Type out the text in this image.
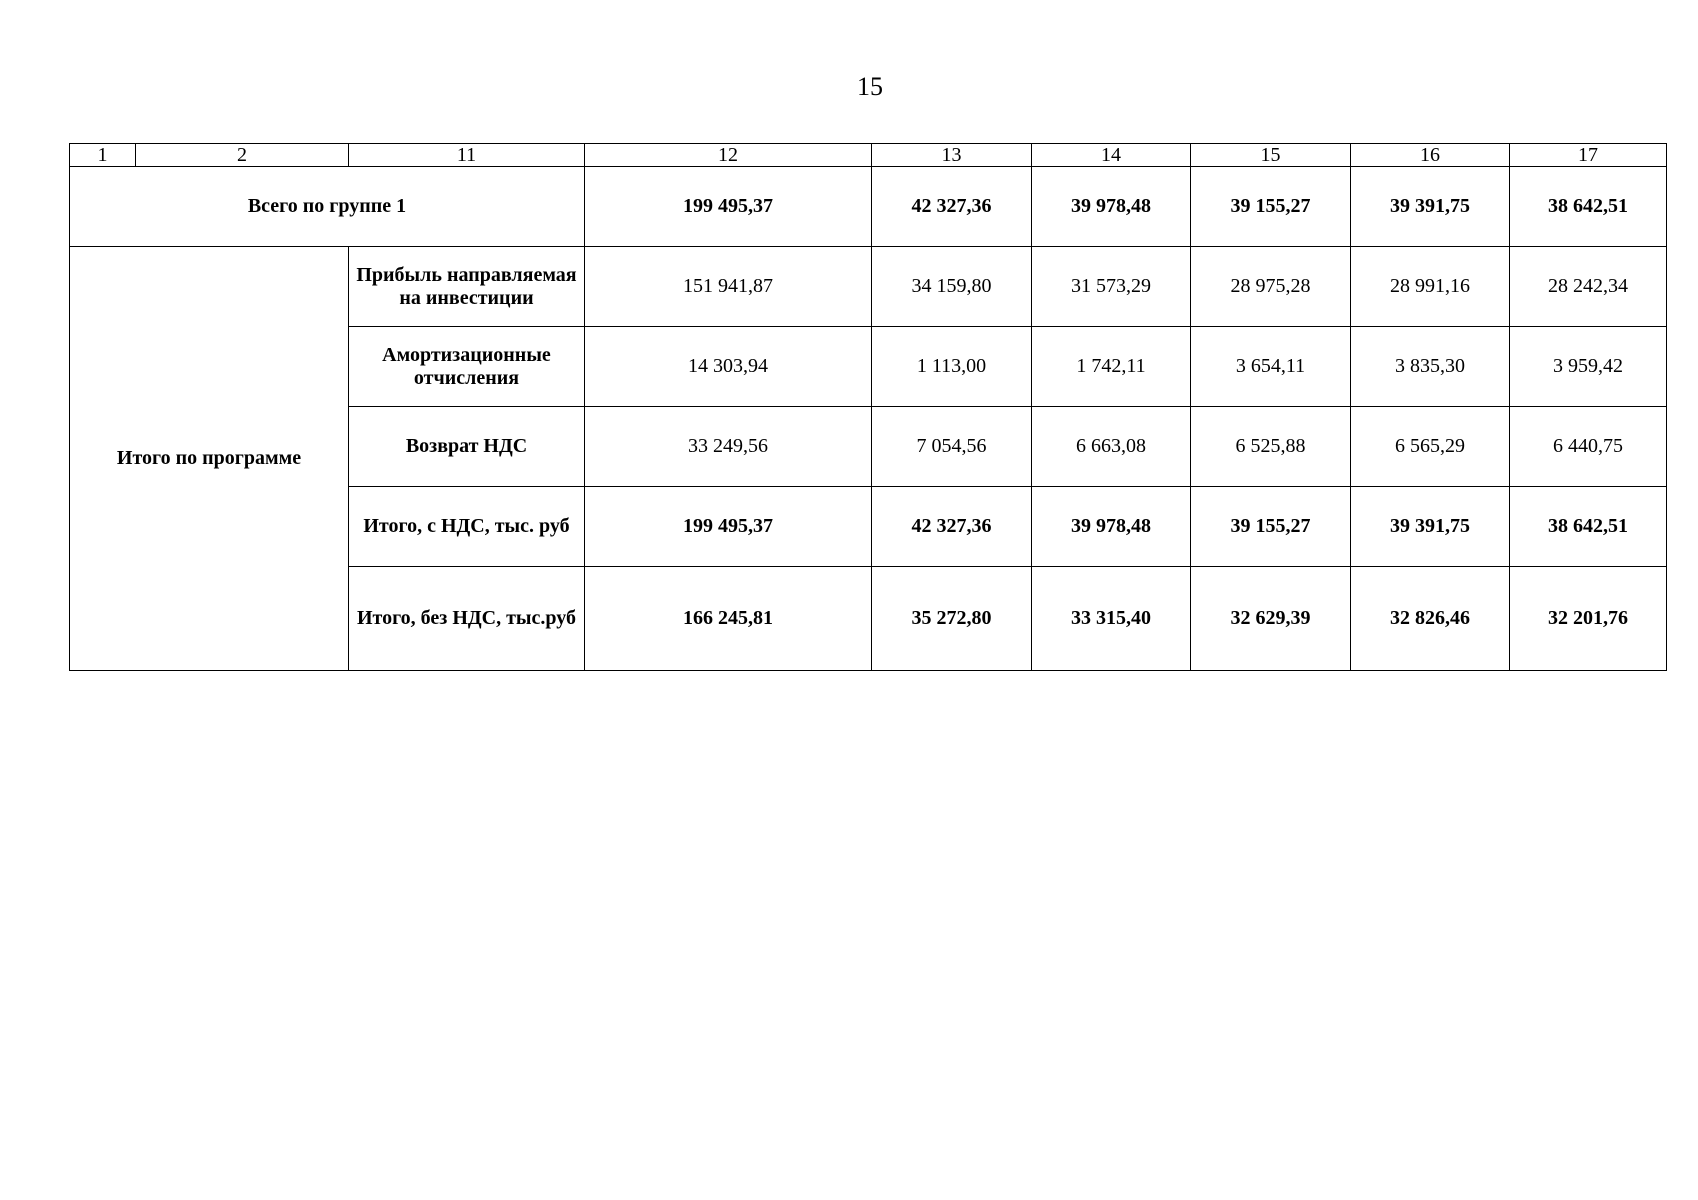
15
1	2	11	12	13	14	15	16	17
Всего по группе 1			199 495,37	42 327,36	39 978,48	39 155,27	39 391,75	38 642,51
Итого по программе		Прибыль направляемая на инвестиции	151 941,87	34 159,80	31 573,29	28 975,28	28 991,16	28 242,34
		Амортизационные отчисления	14 303,94	1 113,00	1 742,11	3 654,11	3 835,30	3 959,42
		Возврат НДС	33 249,56	7 054,56	6 663,08	6 525,88	6 565,29	6 440,75
		Итого, с НДС, тыс. руб	199 495,37	42 327,36	39 978,48	39 155,27	39 391,75	38 642,51
		Итого, без НДС, тыс.руб	166 245,81	35 272,80	33 315,40	32 629,39	32 826,46	32 201,76
